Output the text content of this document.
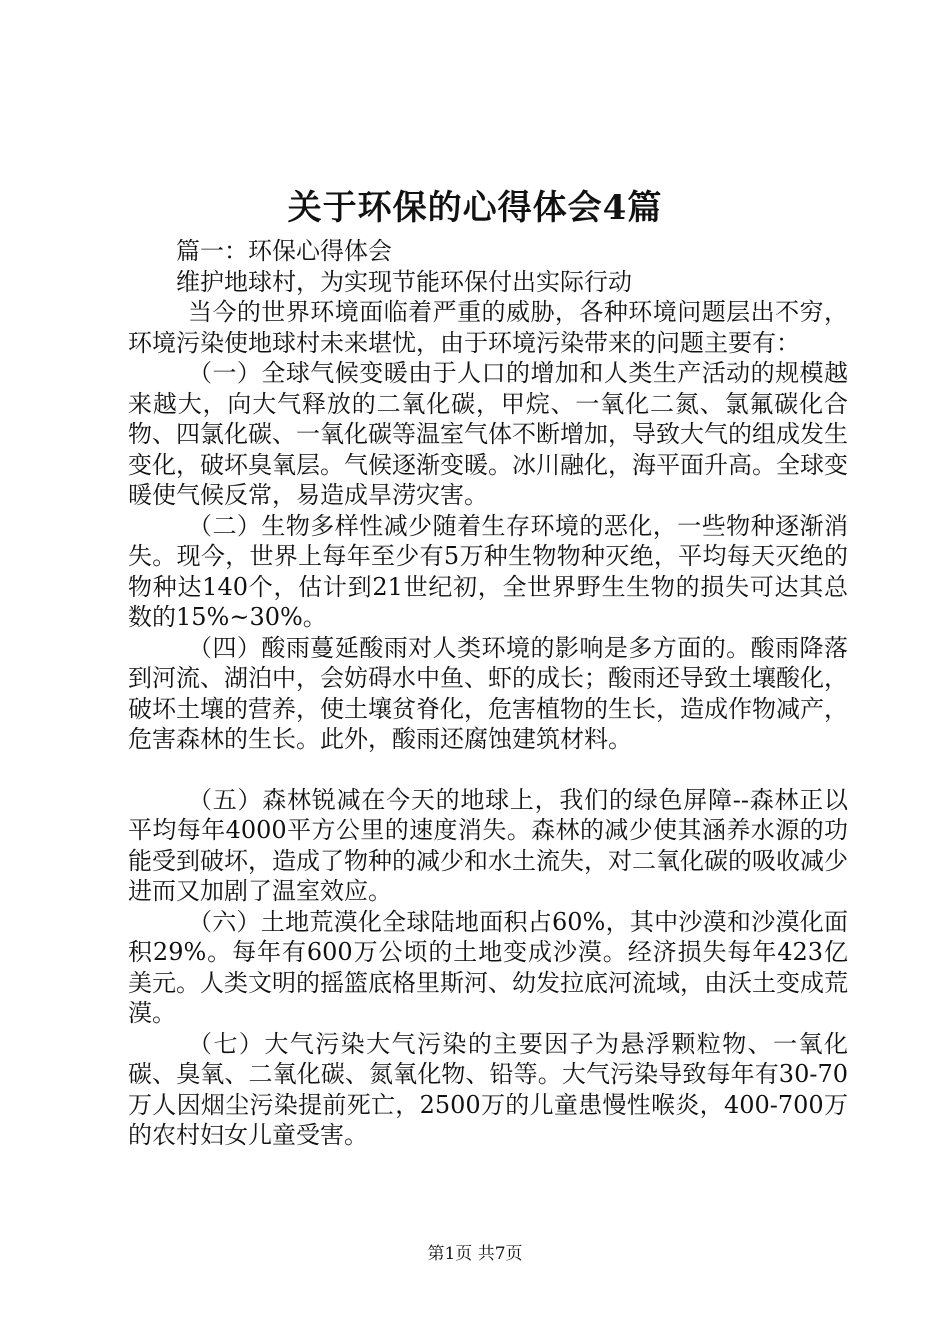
关于环保的心得体会4篇

篇一：环保心得体会

维护地球村，为实现节能环保付出实际行动

当今的世界环境面临着严重的威胁，各种环境问题层出不穷，环境污染使地球村未来堪忧，由于环境污染带来的问题主要有：

（一）全球气候变暖由于人口的增加和人类生产活动的规模越来越大，向大气释放的二氧化碳，甲烷、一氧化二氮、氯氟碳化合物、四氯化碳、一氧化碳等温室气体不断增加，导致大气的组成发生变化，破坏臭氧层。气候逐渐变暖。冰川融化，海平面升高。全球变暖使气候反常，易造成旱涝灾害。

（二）生物多样性减少随着生存环境的恶化，一些物种逐渐消失。现今，世界上每年至少有5万种生物物种灭绝，平均每天灭绝的物种达140个，估计到21世纪初，全世界野生生物的损失可达其总数的15%~30%。

（四）酸雨蔓延酸雨对人类环境的影响是多方面的。酸雨降落到河流、湖泊中，会妨碍水中鱼、虾的成长；酸雨还导致土壤酸化，破坏土壤的营养，使土壤贫脊化，危害植物的生长，造成作物减产，危害森林的生长。此外，酸雨还腐蚀建筑材料。

（五）森林锐减在今天的地球上，我们的绿色屏障--森林正以平均每年4000平方公里的速度消失。森林的减少使其涵养水源的功能受到破坏，造成了物种的减少和水土流失，对二氧化碳的吸收减少进而又加剧了温室效应。

（六）土地荒漠化全球陆地面积占60%，其中沙漠和沙漠化面积29%。每年有600万公顷的土地变成沙漠。经济损失每年423亿美元。人类文明的摇篮底格里斯河、幼发拉底河流域，由沃土变成荒漠。

（七）大气污染大气污染的主要因子为悬浮颗粒物、一氧化碳、臭氧、二氧化碳、氮氧化物、铅等。大气污染导致每年有30-70万人因烟尘污染提前死亡，2500万的儿童患慢性喉炎，400-700万的农村妇女儿童受害。

第1页 共7页
